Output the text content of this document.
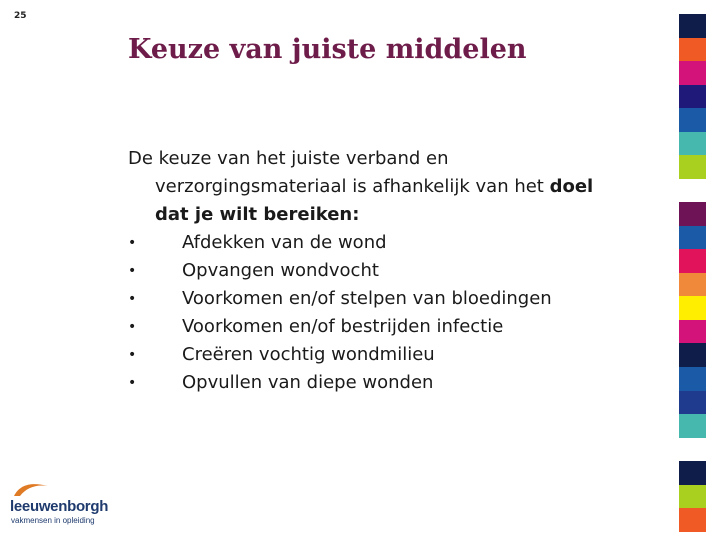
25
Keuze van juiste middelen

De keuze van het juiste verband en
verzorgingsmateriaal is afhankelijk van het doel
dat je wilt bereiken:

•	Afdekken van de wond
•	Opvangen wondvocht
•	Voorkomen en/of stelpen van bloedingen
•	Voorkomen en/of bestrijden infectie
•	Creëren vochtig wondmilieu
•	Opvullen van diepe wonden
leeuwenborgh
vakmensen in opleiding
